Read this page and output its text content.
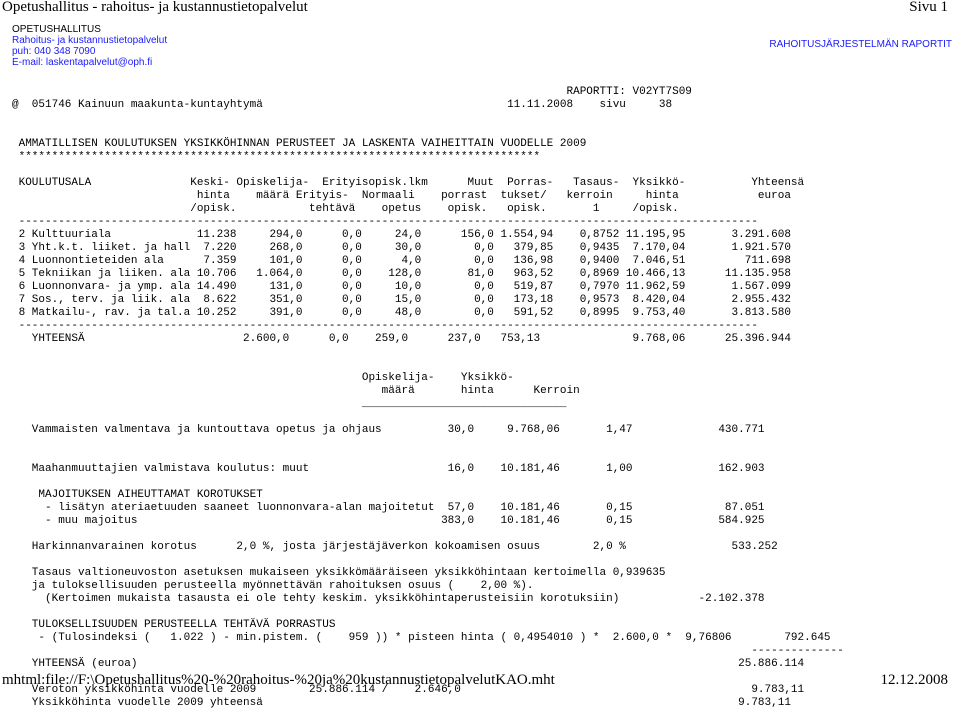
Opetushallitus - rahoitus- ja kustannustietopalvelut	Sivu 1
OPETUSHALLITUS
Rahoitus- ja kustannustietopalvelut
puh: 040 348 7090
E-mail: laskentapalvelut@oph.fi
RAHOITUSJÄRJESTELMÄN RAPORTIT
RAPORTTI: V02YT7S09
@  051746 Kainuun maakunta-kuntayhtymä                                     11.11.2008    sivu     38
AMMATILLISEN KOULUTUKSEN YKSIKKÖHINNAN PERUSTEET JA LASKENTA VAIHEITTAIN VUODELLE 2009
*******************************************************************************
KOULUTUSALA               Keski- Opiskelija-  Erityisopisk.lkm      Muut  Porras-   Tasaus-  Yksikkö-          Yhteensä
hinta    määrä Erityis-  Normaali    porrast  tukset/   kerroin     hinta            euroa
/opisk.           tehtävä    opetus    opisk.   opisk.       1     /opisk.
----------------------------------------------------------------------------------------------------------------
2 Kulttuuriala             11.238     294,0      0,0     24,0      156,0 1.554,94    0,8752 11.195,95       3.291.608
3 Yht.k.t. liiket. ja hall  7.220     268,0      0,0     30,0        0,0   379,85    0,9435  7.170,04       1.921.570
4 Luonnontieteiden ala      7.359     101,0      0,0      4,0        0,0   136,98    0,9400  7.046,51         711.698
5 Tekniikan ja liiken. ala 10.706   1.064,0      0,0    128,0       81,0   963,52    0,8969 10.466,13      11.135.958
6 Luonnonvara- ja ymp. ala 14.490     131,0      0,0     10,0        0,0   519,87    0,7970 11.962,59       1.567.099
7 Sos., terv. ja liik. ala  8.622     351,0      0,0     15,0        0,0   173,18    0,9573  8.420,04       2.955.432
8 Matkailu-, rav. ja tal.a 10.252     391,0      0,0     48,0        0,0   591,52    0,8995  9.753,40       3.813.580
----------------------------------------------------------------------------------------------------------------
YHTEENSÄ                        2.600,0      0,0    259,0      237,0   753,13              9.768,06      25.396.944
Opiskelija-    Yksikkö-
määrä       hinta      Kerroin
_______________________________
Vammaisten valmentava ja kuntouttava opetus ja ohjaus          30,0     9.768,06       1,47             430.771
Maahanmuuttajien valmistava koulutus: muut                     16,0    10.181,46       1,00             162.903
MAJOITUKSEN AIHEUTTAMAT KOROTUKSET
- lisätyn ateriaetuuden saaneet luonnonvara-alan majoitetut  57,0    10.181,46       0,15              87.051
- muu majoitus                                              383,0    10.181,46       0,15             584.925
Harkinnanvarainen korotus      2,0 %, josta järjestäjäverkon kokoamisen osuus        2,0 %                533.252
Tasaus valtioneuvoston asetuksen mukaiseen yksikkömääräiseen yksikköhintaan kertoimella 0,939635
ja tuloksellisuuden perusteella myönnettävän rahoituksen osuus (    2,00 %).
(Kertoimen mukaista tasausta ei ole tehty keskim. yksikköhintaperusteisiin korotuksiin)            -2.102.378
TULOKSELLISUUDEN PERUSTEELLA TEHTÄVÄ PORRASTUS
- (Tulosindeksi (   1.022 ) - min.pistem. (    959 )) * pisteen hinta ( 0,4954010 ) *  2.600,0 *  9,76806        792.645
--------------
YHTEENSÄ (euroa)                                                                                           25.886.114
Veroton yksikköhinta vuodelle 2009        25.886.114 /    2.646,0                                            9.783,11
Yksikköhinta vuodelle 2009 yhteensä                                                                        9.783,11
mhtml:file://F:\Opetushallitus%20-%20rahoitus-%20ja%20kustannustietopalvelutKAO.mht	12.12.2008
